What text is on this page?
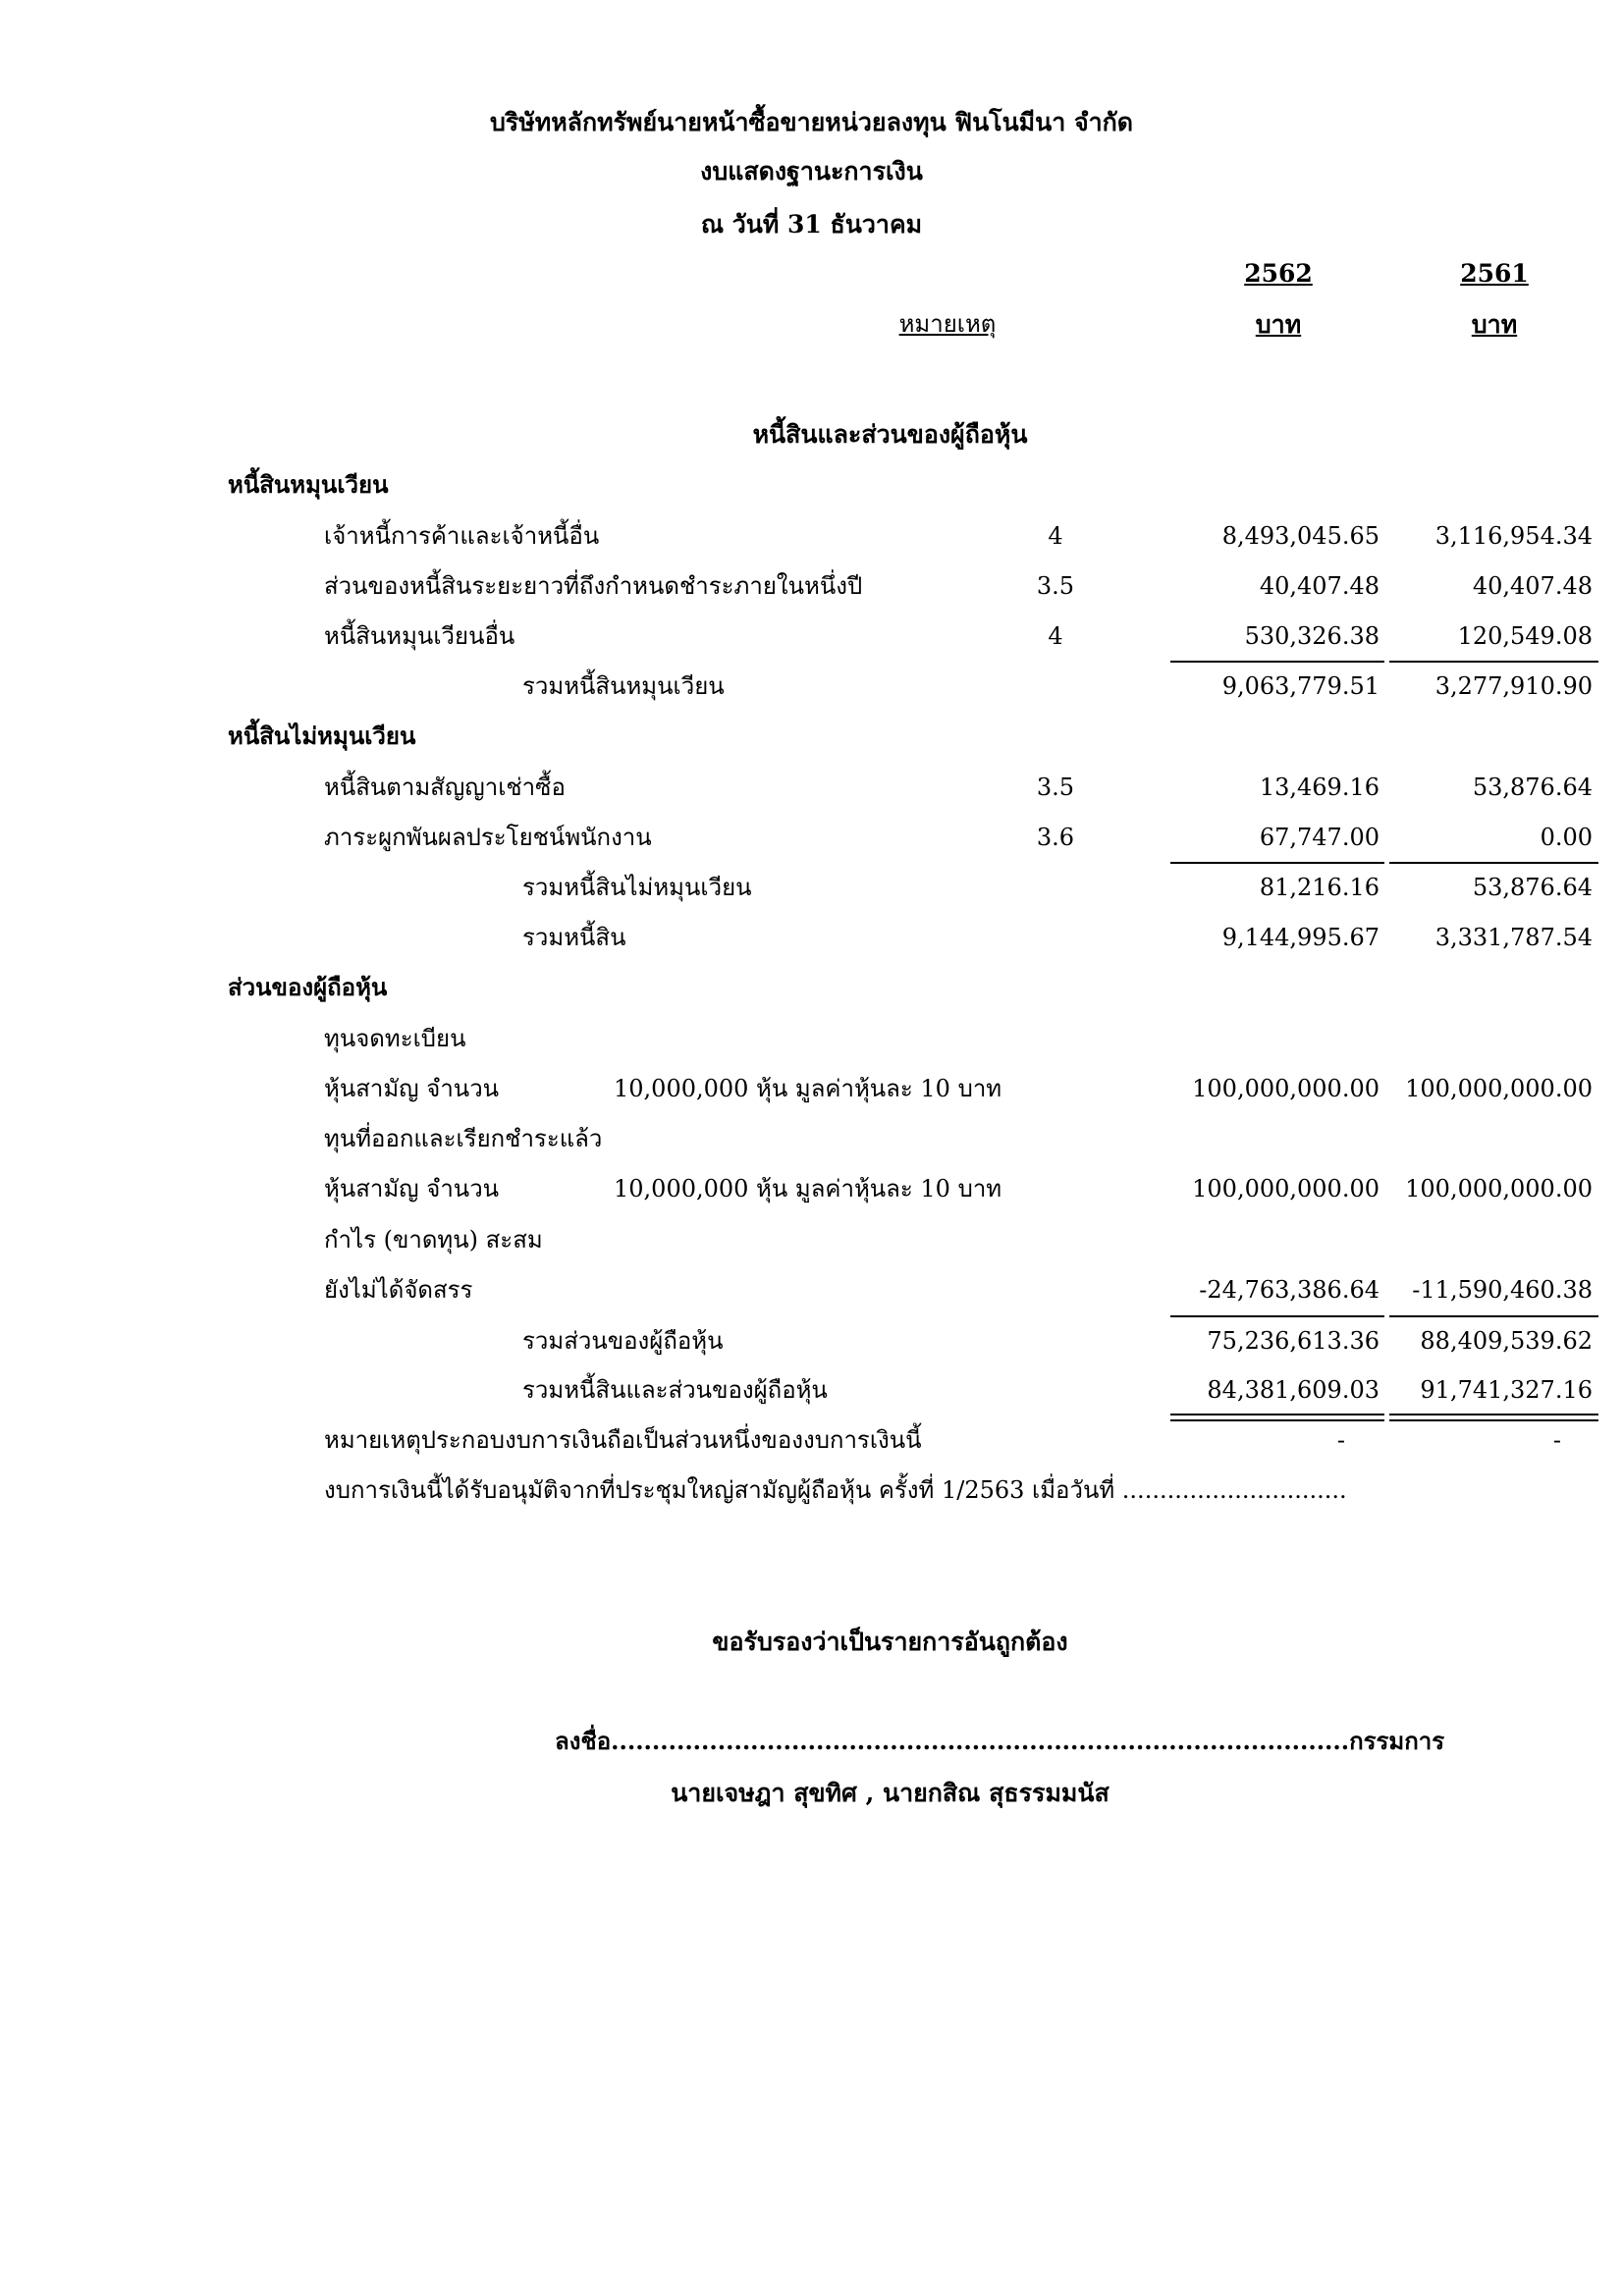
บริษัทหลักทรัพย์นายหน้าซื้อขายหน่วยลงทุน ฟินโนมีนา จำกัด
งบแสดงฐานะการเงิน
ณ วันที่ 31 ธันวาคม
2562	2561
หมายเหตุ	บาท	บาท
หนี้สินและส่วนของผู้ถือหุ้น
หนี้สินหมุนเวียน
เจ้าหนี้การค้าและเจ้าหนี้อื่น	4	8,493,045.65	3,116,954.34
ส่วนของหนี้สินระยะยาวที่ถึงกำหนดชำระภายในหนึ่งปี	3.5	40,407.48	40,407.48
หนี้สินหมุนเวียนอื่น	4	530,326.38	120,549.08
รวมหนี้สินหมุนเวียน	9,063,779.51	3,277,910.90
หนี้สินไม่หมุนเวียน
หนี้สินตามสัญญาเช่าซื้อ	3.5	13,469.16	53,876.64
ภาระผูกพันผลประโยชน์พนักงาน	3.6	67,747.00	0.00
รวมหนี้สินไม่หมุนเวียน	81,216.16	53,876.64
รวมหนี้สิน	9,144,995.67	3,331,787.54
ส่วนของผู้ถือหุ้น
ทุนจดทะเบียน
หุ้นสามัญ จำนวน	10,000,000 หุ้น มูลค่าหุ้นละ 10 บาท	100,000,000.00	100,000,000.00
ทุนที่ออกและเรียกชำระแล้ว
หุ้นสามัญ จำนวน	10,000,000 หุ้น มูลค่าหุ้นละ 10 บาท	100,000,000.00	100,000,000.00
กำไร (ขาดทุน) สะสม
ยังไม่ได้จัดสรร	-24,763,386.64	-11,590,460.38
รวมส่วนของผู้ถือหุ้น	75,236,613.36	88,409,539.62
รวมหนี้สินและส่วนของผู้ถือหุ้น	84,381,609.03	91,741,327.16
หมายเหตุประกอบงบการเงินถือเป็นส่วนหนึ่งของงบการเงินนี้	-	-
งบการเงินนี้ได้รับอนุมัติจากที่ประชุมใหญ่สามัญผู้ถือหุ้น ครั้งที่ 1/2563 เมื่อวันที่ ..............................
ขอรับรองว่าเป็นรายการอันถูกต้อง
ลงชื่อ..........................................................................................กรรมการ
นายเจษฎา สุขทิศ , นายกสิณ สุธรรมมนัส
